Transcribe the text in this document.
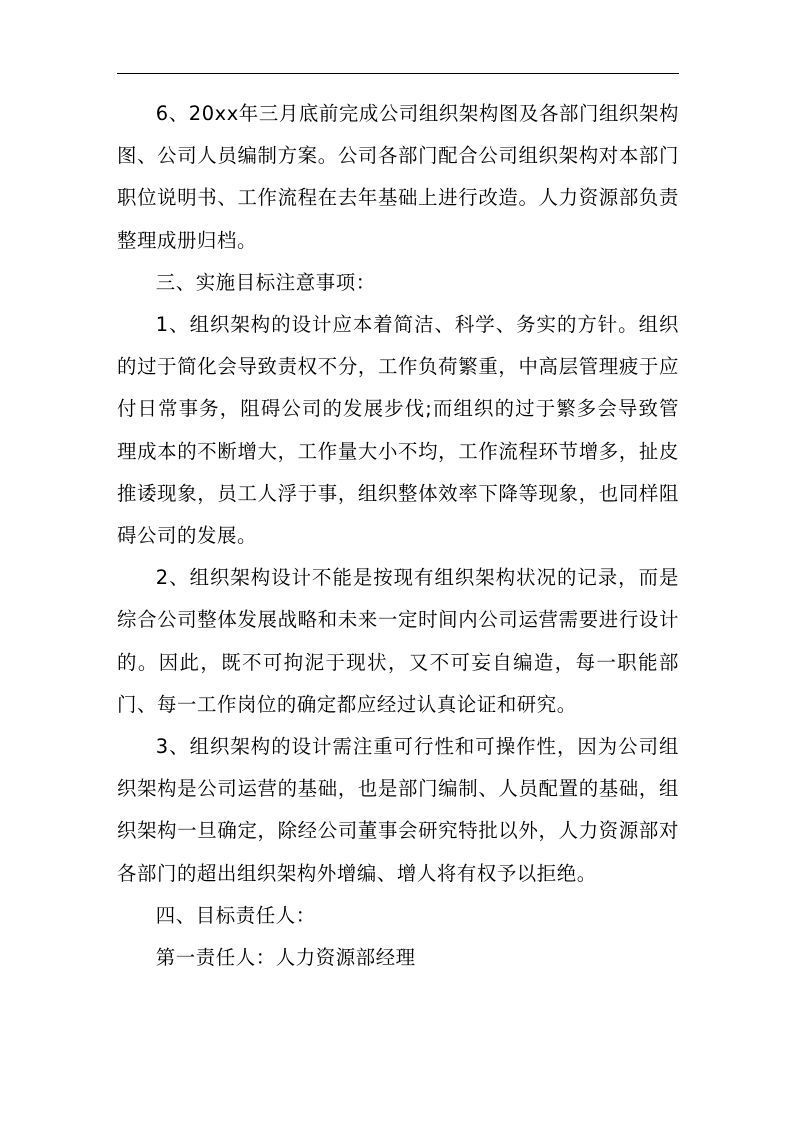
6、20xx年三月底前完成公司组织架构图及各部门组织架构图、公司人员编制方案。公司各部门配合公司组织架构对本部门职位说明书、工作流程在去年基础上进行改造。人力资源部负责整理成册归档。

三、实施目标注意事项：

1、组织架构的设计应本着简洁、科学、务实的方针。组织的过于简化会导致责权不分，工作负荷繁重，中高层管理疲于应付日常事务，阻碍公司的发展步伐;而组织的过于繁多会导致管理成本的不断增大，工作量大小不均，工作流程环节增多，扯皮推诿现象，员工人浮于事，组织整体效率下降等现象，也同样阻碍公司的发展。

2、组织架构设计不能是按现有组织架构状况的记录，而是综合公司整体发展战略和未来一定时间内公司运营需要进行设计的。因此，既不可拘泥于现状，又不可妄自编造，每一职能部门、每一工作岗位的确定都应经过认真论证和研究。

3、组织架构的设计需注重可行性和可操作性，因为公司组织架构是公司运营的基础，也是部门编制、人员配置的基础，组织架构一旦确定，除经公司董事会研究特批以外，人力资源部对各部门的超出组织架构外增编、增人将有权予以拒绝。

四、目标责任人：

第一责任人：人力资源部经理
